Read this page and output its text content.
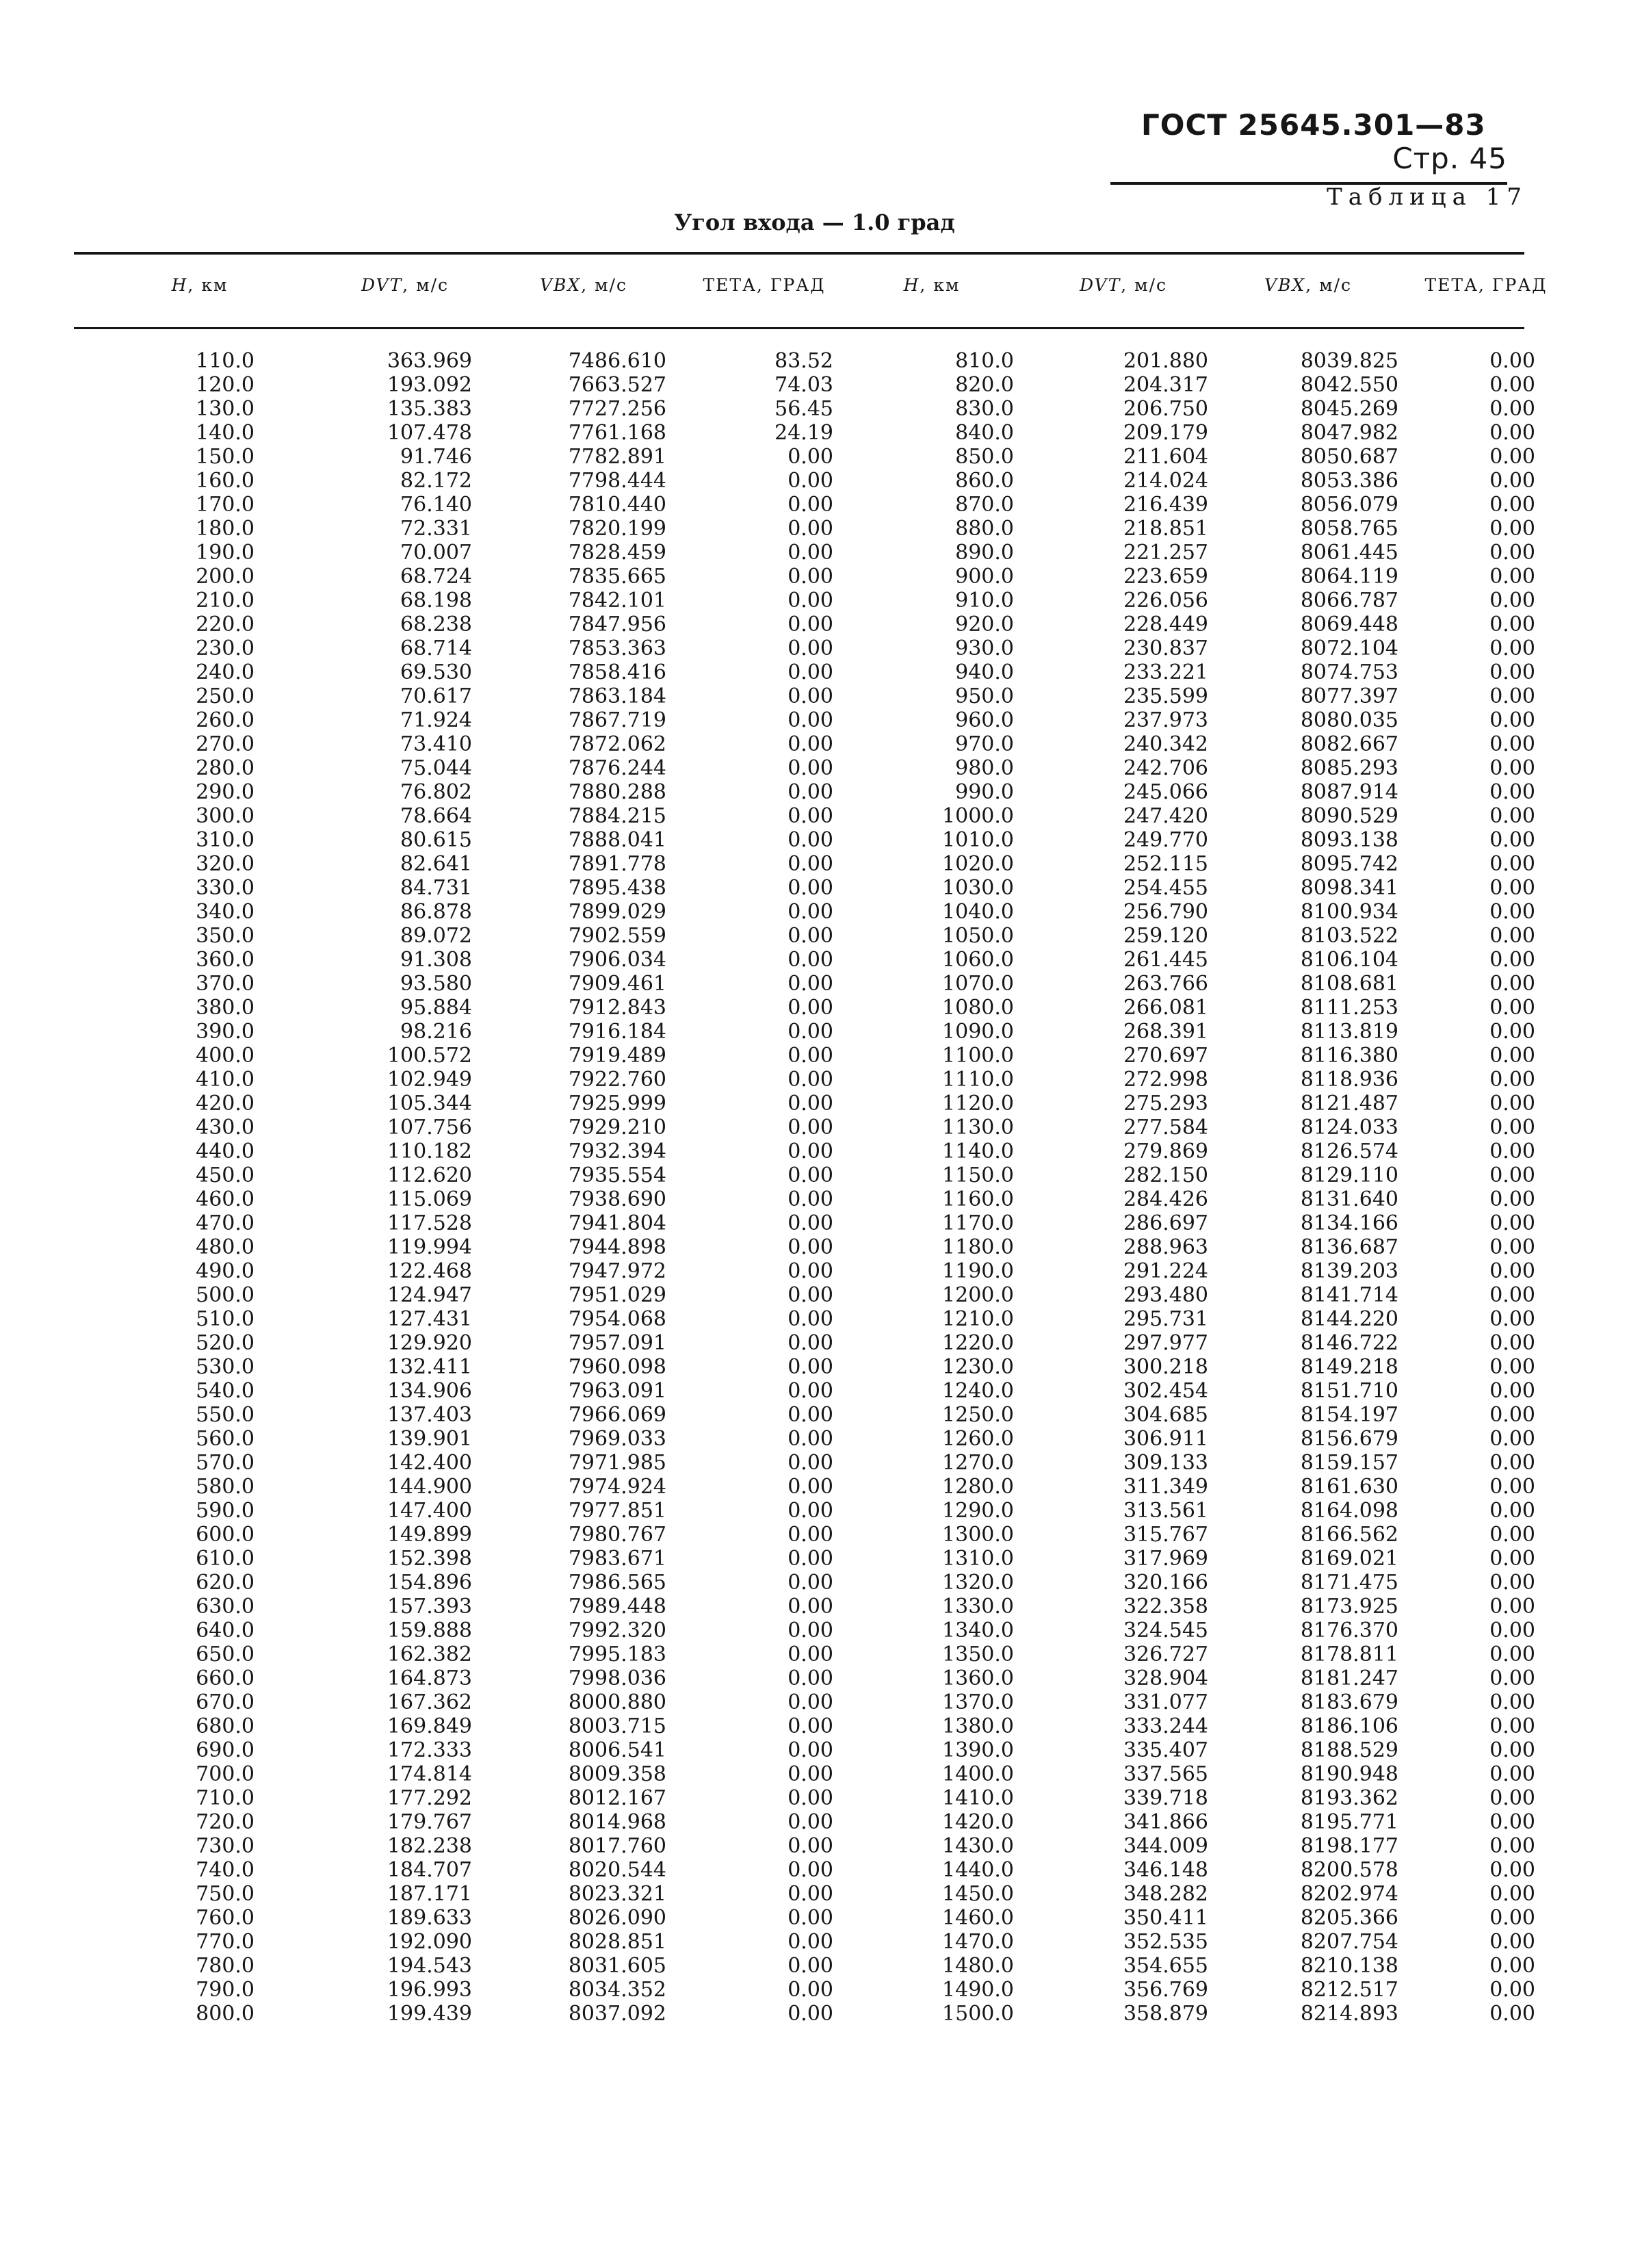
ГОСТ 25645.301—83   Стр. 45
Таблица 17
Угол входа — 1.0 град
H, км	DVT, м/с	VBX, м/с	ТЕТА, ГРАД	H, км	DVT, м/с	VBX, м/с	ТЕТА, ГРАД
110.0	363.969	7486.610	83.52	810.0	201.880	8039.825	0.00
120.0	193.092	7663.527	74.03	820.0	204.317	8042.550	0.00
130.0	135.383	7727.256	56.45	830.0	206.750	8045.269	0.00
140.0	107.478	7761.168	24.19	840.0	209.179	8047.982	0.00
150.0	91.746	7782.891	0.00	850.0	211.604	8050.687	0.00
160.0	82.172	7798.444	0.00	860.0	214.024	8053.386	0.00
170.0	76.140	7810.440	0.00	870.0	216.439	8056.079	0.00
180.0	72.331	7820.199	0.00	880.0	218.851	8058.765	0.00
190.0	70.007	7828.459	0.00	890.0	221.257	8061.445	0.00
200.0	68.724	7835.665	0.00	900.0	223.659	8064.119	0.00
210.0	68.198	7842.101	0.00	910.0	226.056	8066.787	0.00
220.0	68.238	7847.956	0.00	920.0	228.449	8069.448	0.00
230.0	68.714	7853.363	0.00	930.0	230.837	8072.104	0.00
240.0	69.530	7858.416	0.00	940.0	233.221	8074.753	0.00
250.0	70.617	7863.184	0.00	950.0	235.599	8077.397	0.00
260.0	71.924	7867.719	0.00	960.0	237.973	8080.035	0.00
270.0	73.410	7872.062	0.00	970.0	240.342	8082.667	0.00
280.0	75.044	7876.244	0.00	980.0	242.706	8085.293	0.00
290.0	76.802	7880.288	0.00	990.0	245.066	8087.914	0.00
300.0	78.664	7884.215	0.00	1000.0	247.420	8090.529	0.00
310.0	80.615	7888.041	0.00	1010.0	249.770	8093.138	0.00
320.0	82.641	7891.778	0.00	1020.0	252.115	8095.742	0.00
330.0	84.731	7895.438	0.00	1030.0	254.455	8098.341	0.00
340.0	86.878	7899.029	0.00	1040.0	256.790	8100.934	0.00
350.0	89.072	7902.559	0.00	1050.0	259.120	8103.522	0.00
360.0	91.308	7906.034	0.00	1060.0	261.445	8106.104	0.00
370.0	93.580	7909.461	0.00	1070.0	263.766	8108.681	0.00
380.0	95.884	7912.843	0.00	1080.0	266.081	8111.253	0.00
390.0	98.216	7916.184	0.00	1090.0	268.391	8113.819	0.00
400.0	100.572	7919.489	0.00	1100.0	270.697	8116.380	0.00
410.0	102.949	7922.760	0.00	1110.0	272.998	8118.936	0.00
420.0	105.344	7925.999	0.00	1120.0	275.293	8121.487	0.00
430.0	107.756	7929.210	0.00	1130.0	277.584	8124.033	0.00
440.0	110.182	7932.394	0.00	1140.0	279.869	8126.574	0.00
450.0	112.620	7935.554	0.00	1150.0	282.150	8129.110	0.00
460.0	115.069	7938.690	0.00	1160.0	284.426	8131.640	0.00
470.0	117.528	7941.804	0.00	1170.0	286.697	8134.166	0.00
480.0	119.994	7944.898	0.00	1180.0	288.963	8136.687	0.00
490.0	122.468	7947.972	0.00	1190.0	291.224	8139.203	0.00
500.0	124.947	7951.029	0.00	1200.0	293.480	8141.714	0.00
510.0	127.431	7954.068	0.00	1210.0	295.731	8144.220	0.00
520.0	129.920	7957.091	0.00	1220.0	297.977	8146.722	0.00
530.0	132.411	7960.098	0.00	1230.0	300.218	8149.218	0.00
540.0	134.906	7963.091	0.00	1240.0	302.454	8151.710	0.00
550.0	137.403	7966.069	0.00	1250.0	304.685	8154.197	0.00
560.0	139.901	7969.033	0.00	1260.0	306.911	8156.679	0.00
570.0	142.400	7971.985	0.00	1270.0	309.133	8159.157	0.00
580.0	144.900	7974.924	0.00	1280.0	311.349	8161.630	0.00
590.0	147.400	7977.851	0.00	1290.0	313.561	8164.098	0.00
600.0	149.899	7980.767	0.00	1300.0	315.767	8166.562	0.00
610.0	152.398	7983.671	0.00	1310.0	317.969	8169.021	0.00
620.0	154.896	7986.565	0.00	1320.0	320.166	8171.475	0.00
630.0	157.393	7989.448	0.00	1330.0	322.358	8173.925	0.00
640.0	159.888	7992.320	0.00	1340.0	324.545	8176.370	0.00
650.0	162.382	7995.183	0.00	1350.0	326.727	8178.811	0.00
660.0	164.873	7998.036	0.00	1360.0	328.904	8181.247	0.00
670.0	167.362	8000.880	0.00	1370.0	331.077	8183.679	0.00
680.0	169.849	8003.715	0.00	1380.0	333.244	8186.106	0.00
690.0	172.333	8006.541	0.00	1390.0	335.407	8188.529	0.00
700.0	174.814	8009.358	0.00	1400.0	337.565	8190.948	0.00
710.0	177.292	8012.167	0.00	1410.0	339.718	8193.362	0.00
720.0	179.767	8014.968	0.00	1420.0	341.866	8195.771	0.00
730.0	182.238	8017.760	0.00	1430.0	344.009	8198.177	0.00
740.0	184.707	8020.544	0.00	1440.0	346.148	8200.578	0.00
750.0	187.171	8023.321	0.00	1450.0	348.282	8202.974	0.00
760.0	189.633	8026.090	0.00	1460.0	350.411	8205.366	0.00
770.0	192.090	8028.851	0.00	1470.0	352.535	8207.754	0.00
780.0	194.543	8031.605	0.00	1480.0	354.655	8210.138	0.00
790.0	196.993	8034.352	0.00	1490.0	356.769	8212.517	0.00
800.0	199.439	8037.092	0.00	1500.0	358.879	8214.893	0.00
